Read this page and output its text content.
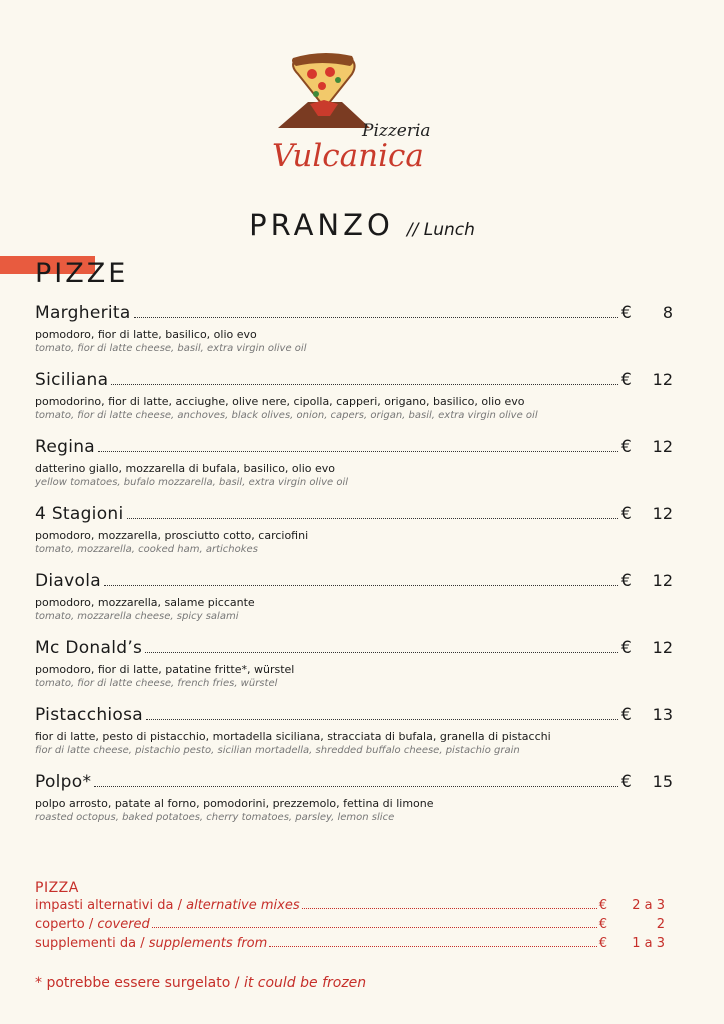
Pizzeria
Vulcanica
PRANZO // Lunch
PIZZE
Margherita	€	8
pomodoro, fior di latte, basilico, olio evo
tomato, fior di latte cheese, basil, extra virgin olive oil
Siciliana	€	12
pomodorino, fior di latte, acciughe, olive nere, cipolla, capperi, origano, basilico, olio evo
tomato, fior di latte cheese, anchoves, black olives, onion, capers, origan, basil, extra virgin olive oil
Regina	€	12
datterino giallo, mozzarella di bufala, basilico, olio evo
yellow tomatoes, bufalo mozzarella, basil, extra virgin olive oil
4 Stagioni	€	12
pomodoro, mozzarella, prosciutto cotto, carciofini
tomato, mozzarella, cooked ham, artichokes
Diavola	€	12
pomodoro, mozzarella, salame piccante
tomato, mozzarella cheese, spicy salami
Mc Donald’s	€	12
pomodoro, fior di latte, patatine fritte*, würstel
tomato, fior di latte cheese, french fries, würstel
Pistacchiosa	€	13
fior di latte, pesto di pistacchio, mortadella siciliana, stracciata di bufala, granella di pistacchi
fior di latte cheese, pistachio pesto, sicilian mortadella, shredded buffalo cheese, pistachio grain
Polpo*	€	15
polpo arrosto, patate al forno, pomodorini, prezzemolo, fettina di limone
roasted octopus, baked potatoes, cherry tomatoes, parsley, lemon slice
PIZZA
impasti alternativi da / alternative mixes	€	2 a 3
coperto / covered	€	2
supplementi da / supplements from	€	1 a 3
* potrebbe essere surgelato / it could be frozen
